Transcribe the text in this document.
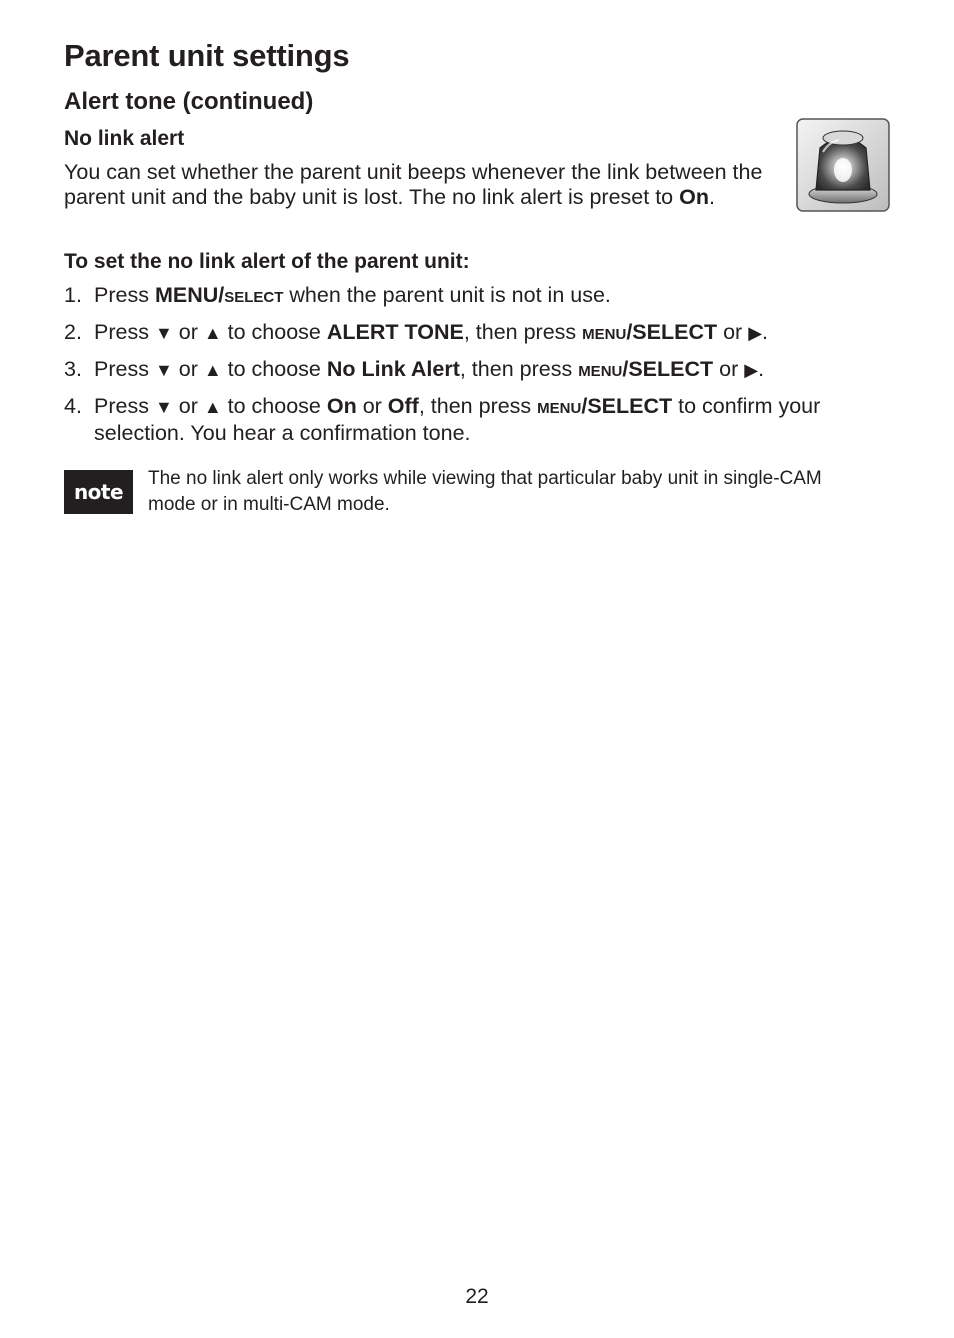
Parent unit settings
Alert tone (continued)
No link alert
You can set whether the parent unit beeps whenever the link between the parent unit and the baby unit is lost. The no link alert is preset to On.
To set the no link alert of the parent unit:
1. Press MENU/SELECT when the parent unit is not in use.
2. Press ▼ or ▲ to choose ALERT TONE, then press MENU/SELECT or ▶.
3. Press ▼ or ▲ to choose No Link Alert, then press MENU/SELECT or ▶.
4. Press ▼ or ▲ to choose On or Off, then press MENU/SELECT to confirm your selection. You hear a confirmation tone.
note
The no link alert only works while viewing that particular baby unit in single-CAM mode or in multi-CAM mode.
22
